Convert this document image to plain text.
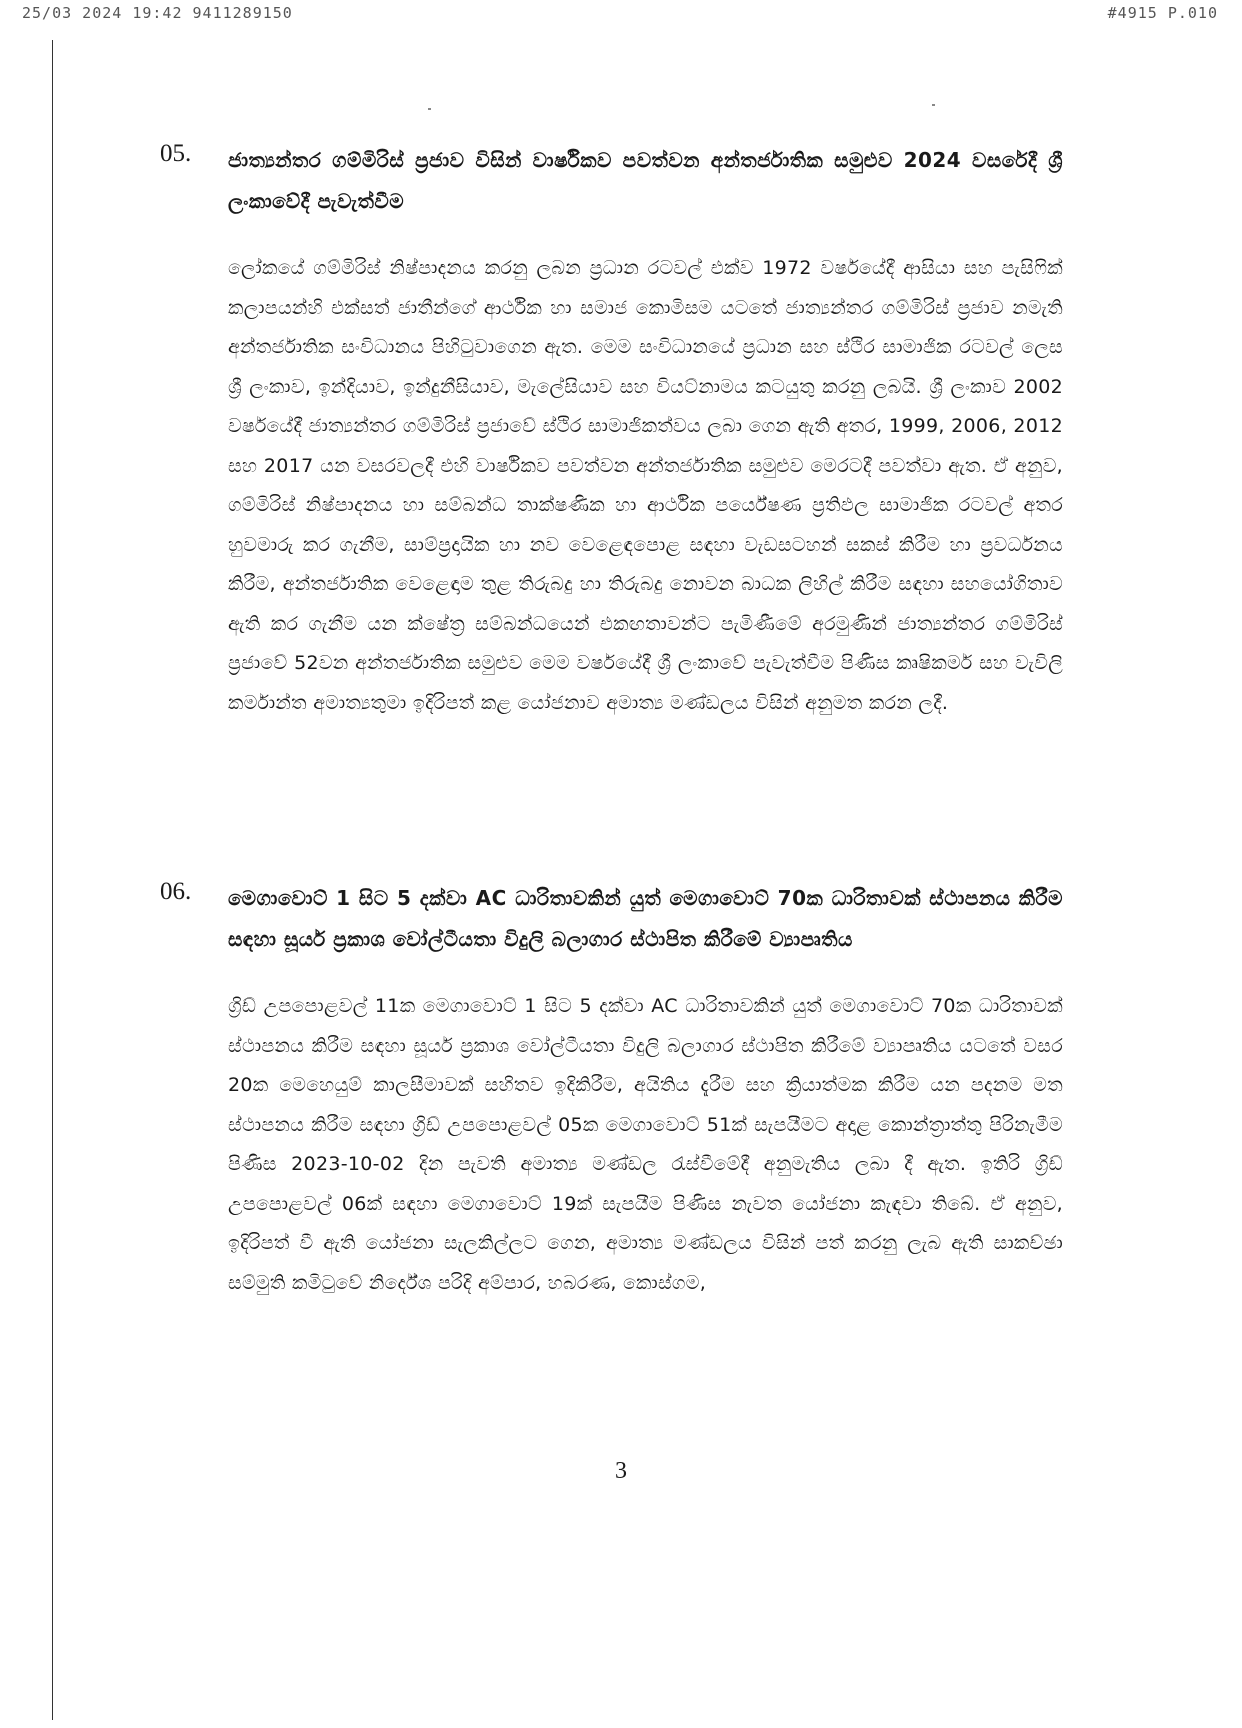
25/03 2024 19:42 9411289150	#4915 P.010
05. ජාත්‍යන්තර ගම්මිරිස් ප්‍රජාව විසින් වාර්ෂිකව පවත්වන අන්තර්ජාතික සමුළුව 2024 වසරේදී ශ්‍රී ලංකාවේදී පැවැත්වීම
ලෝකයේ ගම්මිරිස් නිෂ්පාදනය කරනු ලබන ප්‍රධාන රටවල් එක්ව 1972 වර්ෂයේදී ආසියා සහ පැසිෆික් කලාපයන්හි එක්සත් ජාතීන්ගේ ආර්ථික හා සමාජ කොමිසම යටතේ ජාත්‍යන්තර ගම්මිරිස් ප්‍රජාව නමැති අන්තර්ජාතික සංවිධානය පිහිටුවාගෙන ඇත. මෙම සංවිධානයේ ප්‍රධාන සහ ස්ථිර සාමාජික රටවල් ලෙස ශ්‍රී ලංකාව, ඉන්දියාව, ඉන්දුනීසියාව, මැලේසියාව සහ වියට්නාමය කටයුතු කරනු ලබයි. ශ්‍රී ලංකාව 2002 වර්ෂයේදී ජාත්‍යන්තර ගම්මිරිස් ප්‍රජාවේ ස්ථිර සාමාජිකත්වය ලබා ගෙන ඇති අතර, 1999, 2006, 2012 සහ 2017 යන වසරවලදී එහි වාර්ෂිකව පවත්වන අන්තර්ජාතික සමුළුව මෙරටදී පවත්වා ඇත. ඒ අනුව, ගම්මිරිස් නිෂ්පාදනය හා සම්බන්ධ තාක්ෂණික හා ආර්ථික පර්යේෂණ ප්‍රතිඵල සාමාජික රටවල් අතර හුවමාරු කර ගැනීම, සාම්ප්‍රදායික හා නව වෙළෙඳපොළ සඳහා වැඩසටහන් සකස් කිරීම හා ප්‍රවර්ධනය කිරීම, අන්තර්ජාතික වෙළෙඳාම තුළ තිරුබදු හා තිරුබදු නොවන බාධක ලිහිල් කිරීම සඳහා සහයෝගිතාව ඇති කර ගැනීම යන ක්ෂේත්‍ර සම්බන්ධයෙන් එකඟතාවන්ට පැමිණීමේ අරමුණින් ජාත්‍යන්තර ගම්මිරිස් ප්‍රජාවේ 52වන අන්තර්ජාතික සමුළුව මෙම වර්ෂයේදී ශ්‍රී ලංකාවේ පැවැත්වීම පිණිස කෘෂිකර්ම සහ වැවිලි කර්මාන්ත අමාත්‍යතුමා ඉදිරිපත් කළ යෝජනාව අමාත්‍ය මණ්ඩලය විසින් අනුමත කරන ලදී.
06. මෙගාවොට් 1 සිට 5 දක්වා AC ධාරිතාවකින් යුත් මෙගාවොට් 70ක ධාරිතාවක් ස්ථාපනය කිරීම සඳහා සූර්ය ප්‍රකාශ වෝල්ටීයතා විදුලි බලාගාර ස්ථාපිත කිරීමේ ව්‍යාපෘතිය
ග්‍රිඩ් උපපොළවල් 11ක මෙගාවොට් 1 සිට 5 දක්වා AC ධාරිතාවකින් යුත් මෙගාවොට් 70ක ධාරිතාවක් ස්ථාපනය කිරීම සඳහා සූර්ය ප්‍රකාශ වෝල්ටීයතා විදුලි බලාගාර ස්ථාපිත කිරීමේ ව්‍යාපෘතිය යටතේ වසර 20ක මෙහෙයුම් කාලසීමාවක් සහිතව ඉදිකිරීම, අයිතිය දැරීම සහ ක්‍රියාත්මක කිරීම යන පදනම මත ස්ථාපනය කිරීම සඳහා ග්‍රිඩ් උපපොළවල් 05ක මෙගාවොට් 51ක් සැපයීමට අදාළ කොන්ත්‍රාත්තු පිරිනැමීම පිණිස 2023-10-02 දින පැවති අමාත්‍ය මණ්ඩල රැස්වීමේදී අනුමැතිය ලබා දී ඇත. ඉතිරි ග්‍රිඩ් උපපොළවල් 06ක් සඳහා මෙගාවොට් 19ක් සැපයීම පිණිස නැවත යෝජනා කැඳවා තිබේ. ඒ අනුව, ඉදිරිපත් වී ඇති යෝජනා සැලකිල්ලට ගෙන, අමාත්‍ය මණ්ඩලය විසින් පත් කරනු ලැබ ඇති සාකච්ඡා සම්මුති කමිටුවේ නිර්දේශ පරිදි අම්පාර, හබරණ, කොස්ගම,
3
